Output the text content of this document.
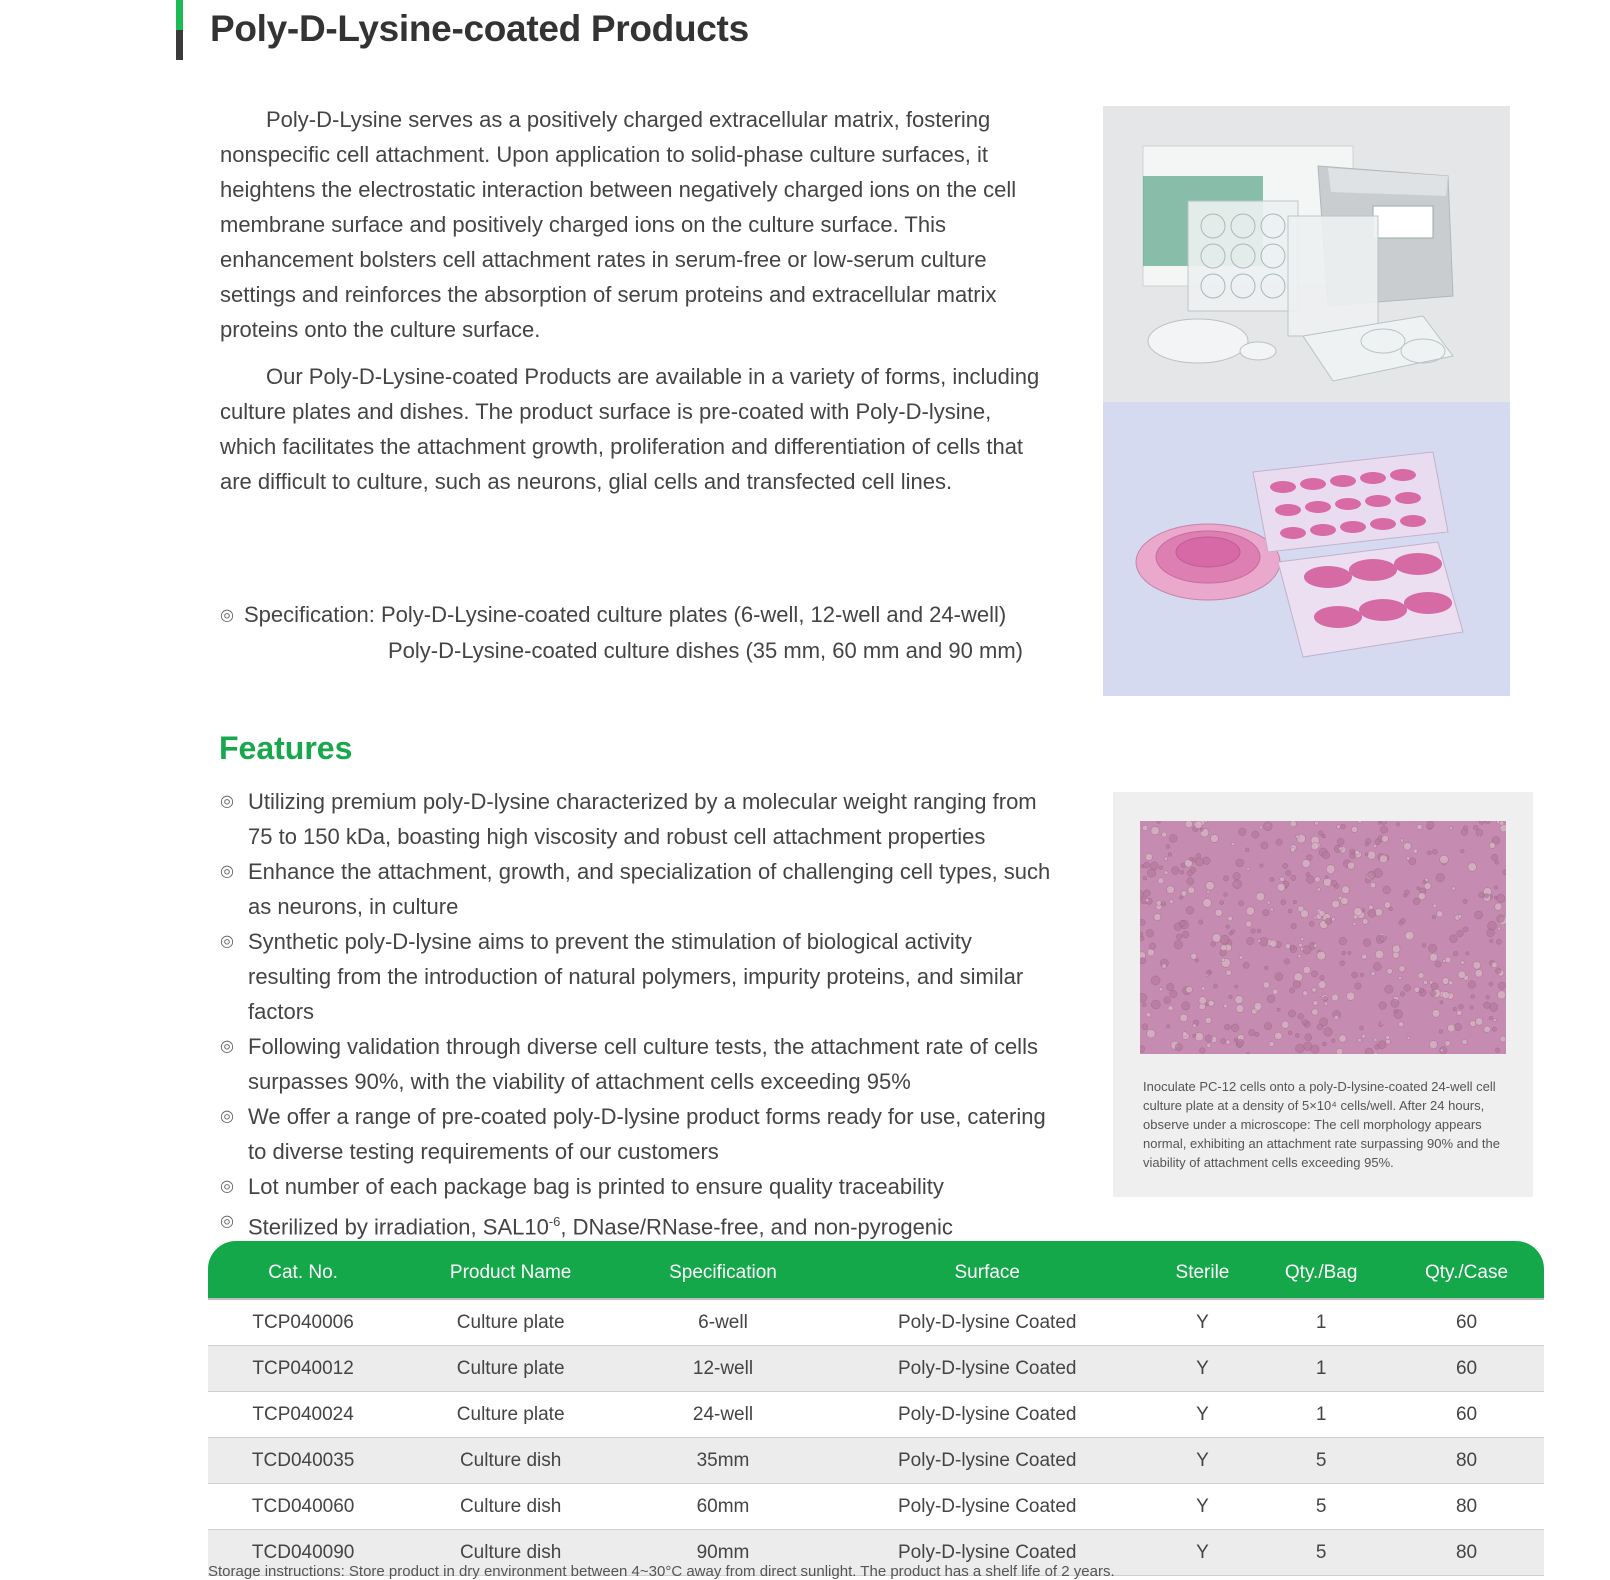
Poly-D-Lysine-coated Products

Poly-D-Lysine serves as a positively charged extracellular matrix, fostering nonspecific cell attachment. Upon application to solid-phase culture surfaces, it heightens the electrostatic interaction between negatively charged ions on the cell membrane surface and positively charged ions on the culture surface. This enhancement bolsters cell attachment rates in serum-free or low-serum culture settings and reinforces the absorption of serum proteins and extracellular matrix proteins onto the culture surface.

Our Poly-D-Lysine-coated Products are available in a variety of forms, including culture plates and dishes. The product surface is pre-coated with Poly-D-lysine, which facilitates the attachment growth, proliferation and differentiation of cells that are difficult to culture, such as neurons, glial cells and transfected cell lines.

◎ Specification: Poly-D-Lysine-coated culture plates (6-well, 12-well and 24-well)
Poly-D-Lysine-coated culture dishes (35 mm, 60 mm and 90 mm)
Features
◎ Utilizing premium poly-D-lysine characterized by a molecular weight ranging from 75 to 150 kDa, boasting high viscosity and robust cell attachment properties
◎ Enhance the attachment, growth, and specialization of challenging cell types, such as neurons, in culture
◎ Synthetic poly-D-lysine aims to prevent the stimulation of biological activity resulting from the introduction of natural polymers, impurity proteins, and similar factors
◎ Following validation through diverse cell culture tests, the attachment rate of cells surpasses 90%, with the viability of attachment cells exceeding 95%
◎ We offer a range of pre-coated poly-D-lysine product forms ready for use, catering to diverse testing requirements of our customers
◎ Lot number of each package bag is printed to ensure quality traceability
◎ Sterilized by irradiation, $SAL10^{-6}$, DNase/RNase-free, and non-pyrogenic
Inoculate PC-12 cells onto a poly-D-lysine-coated 24-well cell culture plate at a density of 5×10⁴ cells/well. After 24 hours, observe under a microscope: The cell morphology appears normal, exhibiting an attachment rate surpassing 90% and the viability of attachment cells exceeding 95%.
Cat. No.	Product Name	Specification	Surface	Sterile	Qty./Bag	Qty./Case
TCP040006	Culture plate	6-well	Poly-D-lysine Coated	Y	1	60
TCP040012	Culture plate	12-well	Poly-D-lysine Coated	Y	1	60
TCP040024	Culture plate	24-well	Poly-D-lysine Coated	Y	1	60
TCD040035	Culture dish	35mm	Poly-D-lysine Coated	Y	5	80
TCD040060	Culture dish	60mm	Poly-D-lysine Coated	Y	5	80
TCD040090	Culture dish	90mm	Poly-D-lysine Coated	Y	5	80
Storage instructions: Store product in dry environment between 4~30°C away from direct sunlight. The product has a shelf life of 2 years.
